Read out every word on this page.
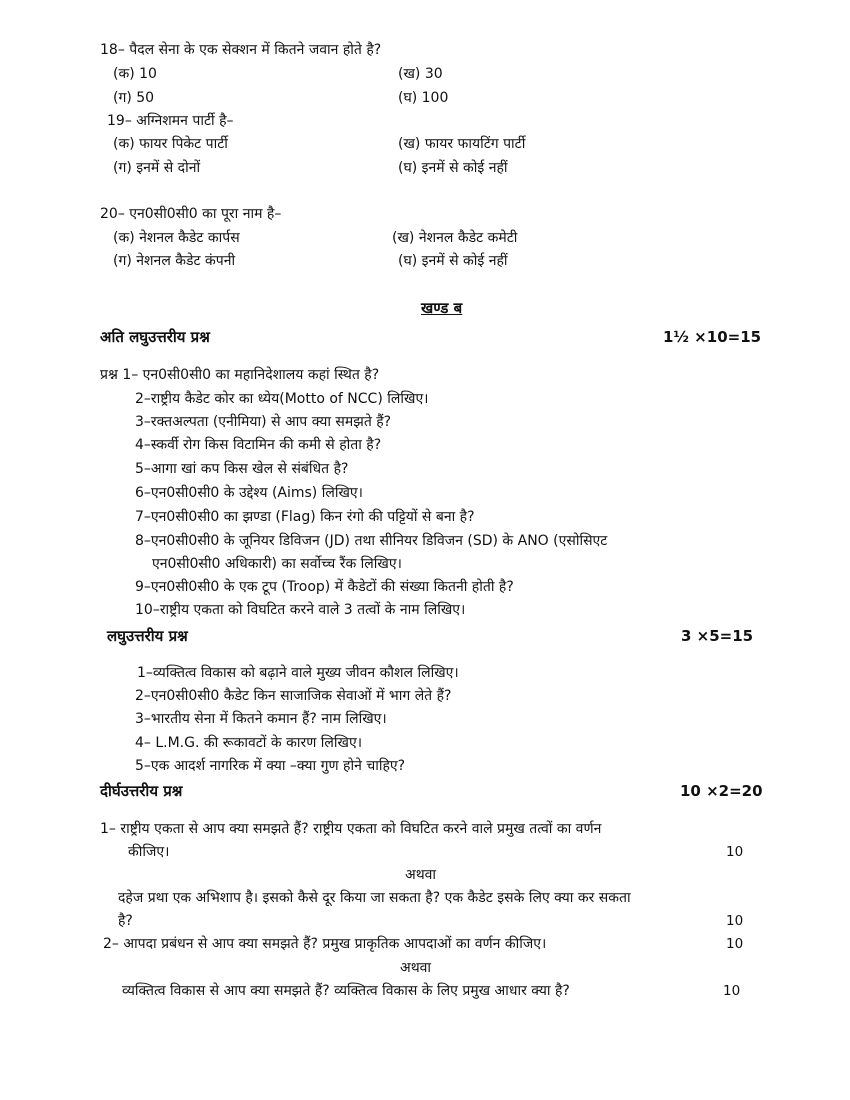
18– पैदल सेना के एक सेक्शन में कितने जवान होते है?
(क) 10	(ख) 30
(ग) 50	(घ) 100
19– अग्निशमन पार्टी है–
(क) फायर पिकेट पार्टी	(ख) फायर फायटिंग पार्टी
(ग) इनमें से दोनों	(घ) इनमें से कोई नहीं
20– एन0सी0सी0 का पूरा नाम है–
(क) नेशनल कैडेट कार्पस	(ख) नेशनल कैडेट कमेटी
(ग) नेशनल कैडेट कंपनी	(घ) इनमें से कोई नहीं
खण्ड ब
अति लघुउत्तरीय प्रश्न	1½ ×10=15
प्रश्न 1– एन0सी0सी0 का महानिदेशालय कहां स्थित है?
2–राष्ट्रीय कैडेट कोर का ध्येय(Motto of NCC) लिखिए।
3–रक्तअल्पता (एनीमिया) से आप क्या समझते हैं?
4–स्कर्वी रोग किस विटामिन की कमी से होता है?
5–आगा खां कप किस खेल से संबंधित है?
6–एन0सी0सी0 के उद्देश्य (Aims) लिखिए।
7–एन0सी0सी0 का झण्डा (Flag) किन रंगो की पट्टियों से बना है?
8–एन0सी0सी0 के जूनियर डिविजन (JD) तथा सीनियर डिविजन (SD) के ANO (एसोसिएट
एन0सी0सी0 अधिकारी) का सर्वोच्च रैंक लिखिए।
9–एन0सी0सी0 के एक टूप (Troop) में कैडेटों की संख्या कितनी होती है?
10–राष्ट्रीय एकता को विघटित करने वाले 3 तत्वों के नाम लिखिए।
लघुउत्तरीय प्रश्न	3 ×5=15
1–व्यक्तित्व विकास को बढ़ाने वाले मुख्य जीवन कौशल लिखिए।
2–एन0सी0सी0 कैडेट किन साजाजिक सेवाओं में भाग लेते हैं?
3–भारतीय सेना में कितने कमान हैं? नाम लिखिए।
4– L.M.G. की रूकावटों के कारण लिखिए।
5–एक आदर्श नागरिक में क्या –क्या गुण होने चाहिए?
दीर्घउत्तरीय प्रश्न	10 ×2=20
1– राष्ट्रीय एकता से आप क्या समझते हैं? राष्ट्रीय एकता को विघटित करने वाले प्रमुख तत्वों का वर्णन
कीजिए।	10
अथवा
दहेज प्रथा एक अभिशाप है। इसको कैसे दूर किया जा सकता है? एक कैडेट इसके लिए क्या कर सकता
है?	10
2– आपदा प्रबंधन से आप क्या समझते हैं? प्रमुख प्राकृतिक आपदाओं का वर्णन कीजिए।	10
अथवा
व्यक्तित्व विकास से आप क्या समझते हैं? व्यक्तित्व विकास के लिए प्रमुख आधार क्या है?	10
